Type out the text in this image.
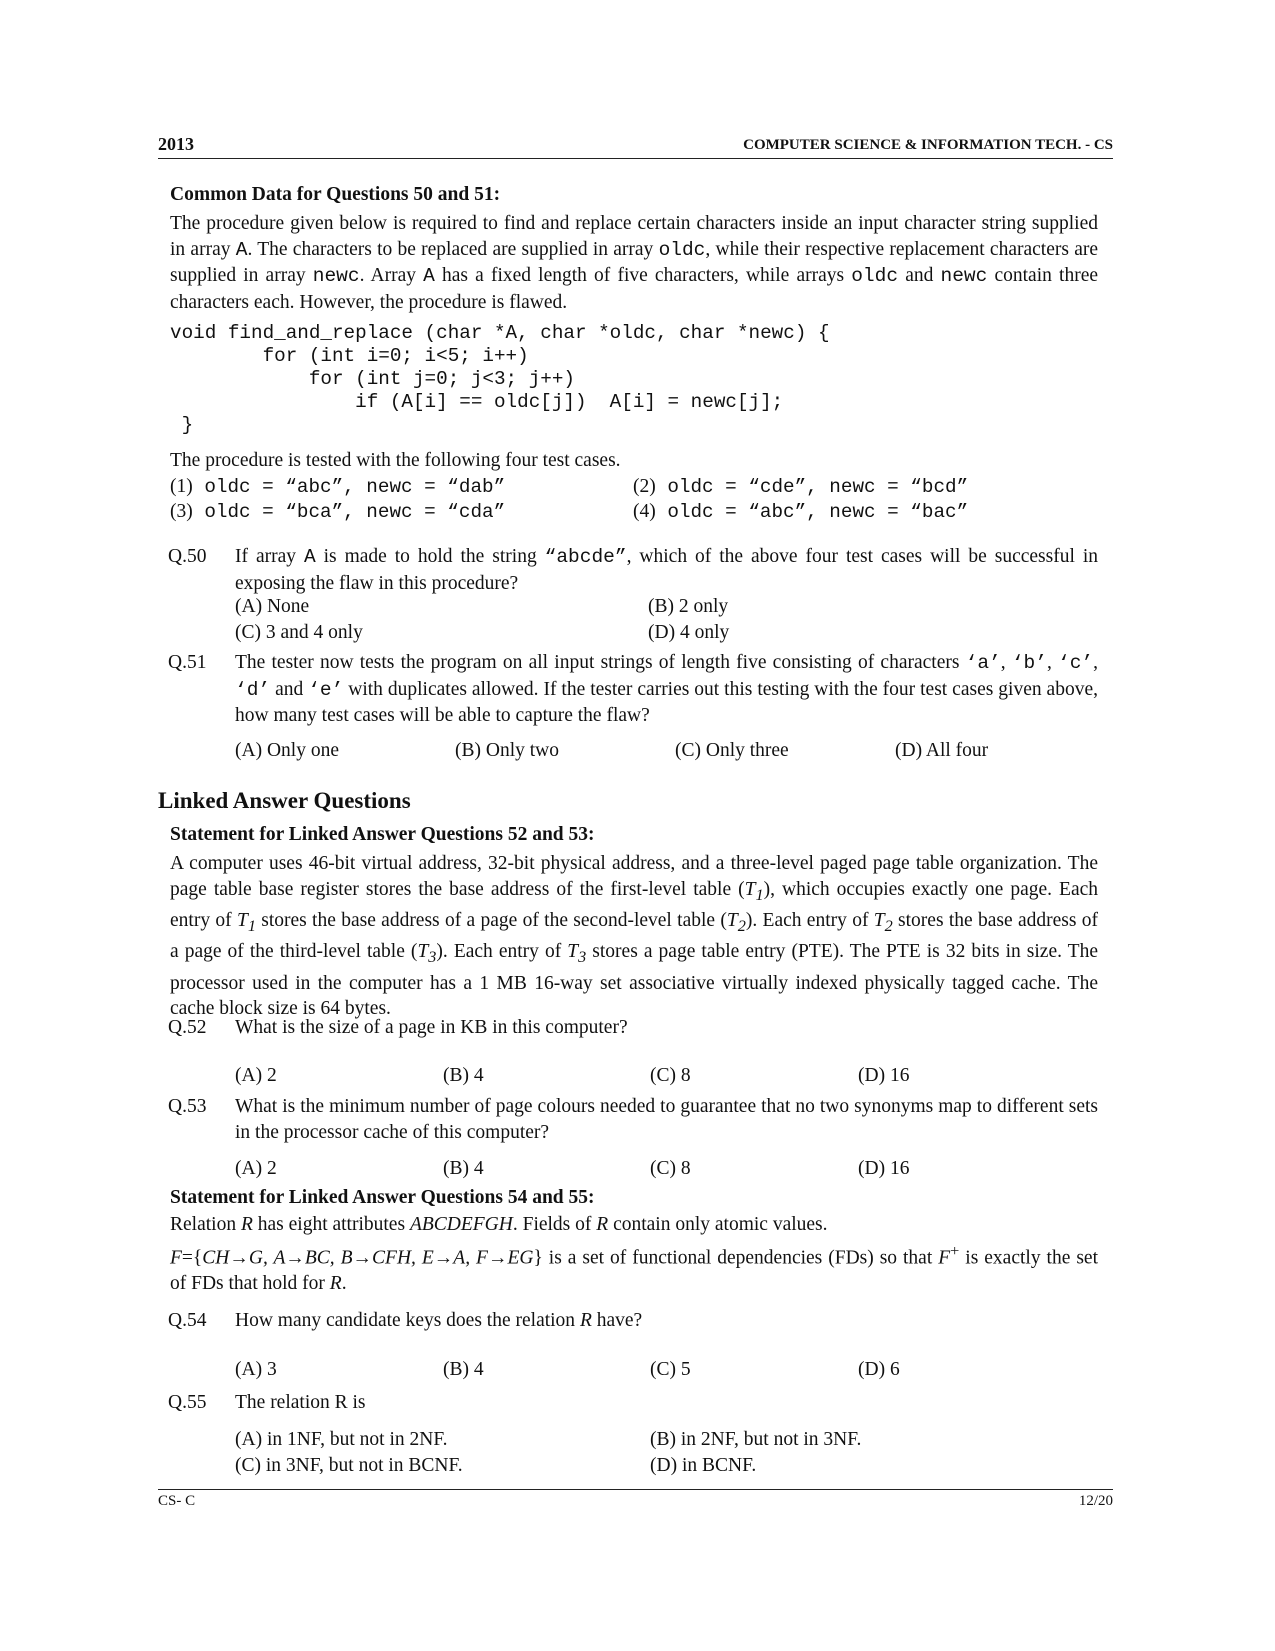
2013	COMPUTER SCIENCE & INFORMATION TECH. - CS
Common Data for Questions 50 and 51:
The procedure given below is required to find and replace certain characters inside an input character string supplied in array A. The characters to be replaced are supplied in array oldc, while their respective replacement characters are supplied in array newc. Array A has a fixed length of five characters, while arrays oldc and newc contain three characters each. However, the procedure is flawed.
void find_and_replace (char *A, char *oldc, char *newc) {
for (int i=0; i<5; i++)
for (int j=0; j<3; j++)
if (A[i] == oldc[j])  A[i] = newc[j];
}
The procedure is tested with the following four test cases.
(1) oldc = “abc”, newc = “dab”	(2) oldc = “cde”, newc = “bcd”
(3) oldc = “bca”, newc = “cda”	(4) oldc = “abc”, newc = “bac”
Q.50 If array A is made to hold the string “abcde”, which of the above four test cases will be successful in exposing the flaw in this procedure?
(A) None	(B) 2 only
(C) 3 and 4 only	(D) 4 only
Q.51 The tester now tests the program on all input strings of length five consisting of characters ‘a’, ‘b’, ‘c’, ‘d’ and ‘e’ with duplicates allowed. If the tester carries out this testing with the four test cases given above, how many test cases will be able to capture the flaw?
(A) Only one	(B) Only two	(C) Only three	(D) All four
Linked Answer Questions
Statement for Linked Answer Questions 52 and 53:
A computer uses 46-bit virtual address, 32-bit physical address, and a three-level paged page table organization. The page table base register stores the base address of the first-level table $(T_1)$, which occupies exactly one page. Each entry of $T_1$ stores the base address of a page of the second-level table $(T_2)$. Each entry of $T_2$ stores the base address of a page of the third-level table $(T_3)$. Each entry of $T_3$ stores a page table entry (PTE). The PTE is 32 bits in size. The processor used in the computer has a 1 MB 16-way set associative virtually indexed physically tagged cache. The cache block size is 64 bytes.
Q.52 What is the size of a page in KB in this computer?
(A) 2	(B) 4	(C) 8	(D) 16
Q.53 What is the minimum number of page colours needed to guarantee that no two synonyms map to different sets in the processor cache of this computer?
(A) 2	(B) 4	(C) 8	(D) 16
Statement for Linked Answer Questions 54 and 55:
Relation R has eight attributes ABCDEFGH. Fields of R contain only atomic values.
F={CH→G, A→BC, B→CFH, E→A, F→EG} is a set of functional dependencies (FDs) so that F+ is exactly the set of FDs that hold for R.
Q.54 How many candidate keys does the relation R have?
(A) 3	(B) 4	(C) 5	(D) 6
Q.55 The relation R is
(A) in 1NF, but not in 2NF.	(B) in 2NF, but not in 3NF.
(C) in 3NF, but not in BCNF.	(D) in BCNF.
CS- C	12/20
